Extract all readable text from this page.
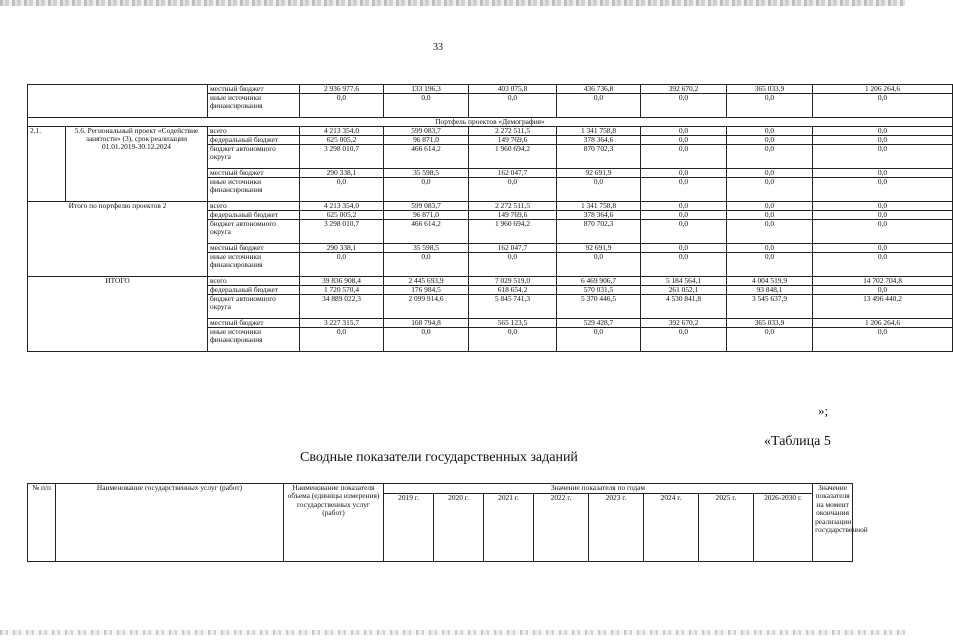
33
		местный бюджет	2 936 977,6	133 196,3	403 075,8	436 736,8	392 670,2	365 033,9	1 206 264,6
		иные источники финансирования	0,0	0,0	0,0	0,0	0,0	0,0	0,0
Портфель проектов «Демография»									
2.1.	5.6. Региональный проект «Содействие занятости» (3), срок реализации 01.01.2019-30.12.2024	всего	4 213 354,0	599 083,7	2 272 511,5	1 341 758,8	0,0	0,0	0,0
		федеральный бюджет	625 005,2	96 871,0	149 769,6	378 364,6	0,0	0,0	0,0
		бюджет автономного округа	3 298 010,7	466 614,2	1 960 694,2	870 702,3	0,0	0,0	0,0
		местный бюджет	290 338,1	35 598,5	162 047,7	92 691,9	0,0	0,0	0,0
		иные источники финансирования	0,0	0,0	0,0	0,0	0,0	0,0	0,0
Итого по портфелю проектов 2		всего	4 213 354,0	599 083,7	2 272 511,5	1 341 758,8	0,0	0,0	0,0
		федеральный бюджет	625 005,2	96 871,0	149 769,6	378 364,6	0,0	0,0	0,0
		бюджет автономного округа	3 298 010,7	466 614,2	1 960 694,2	870 702,3	0,0	0,0	0,0
		местный бюджет	290 338,1	35 598,5	162 047,7	92 691,9	0,0	0,0	0,0
		иные источники финансирования	0,0	0,0	0,0	0,0	0,0	0,0	0,0
ИТОГО		всего	39 836 908,4	2 445 693,9	7 029 519,0	6 469 906,7	5 184 564,1	4 004 519,9	14 702 704,8
		федеральный бюджет	1 720 570,4	176 984,5	618 654,2	570 031,5	261 052,1	93 848,1	0,0
		бюджет автономного округа	34 889 022,3	2 099 914,6	5 845 741,3	5 370 446,5	4 530 841,8	3 545 637,9	13 496 440,2
		местный бюджет	3 227 315,7	168 794,8	565 123,5	529 428,7	392 670,2	365 033,9	1 206 264,6
		иные источники финансирования	0,0	0,0	0,0	0,0	0,0	0,0	0,0
»;
«Таблица 5
Сводные показатели государственных заданий
№ п/п	Наименование государственных услуг (работ)	Наименование показателя объема (единицы измерения) государственных услуг (работ)	Значение показателя по годам								Значение показателя на момент окончания реализации государственной
			2019 г.	2020 г.	2021 г.	2022 г.	2023 г.	2024 г.	2025 г.	2026-2030 г.	
